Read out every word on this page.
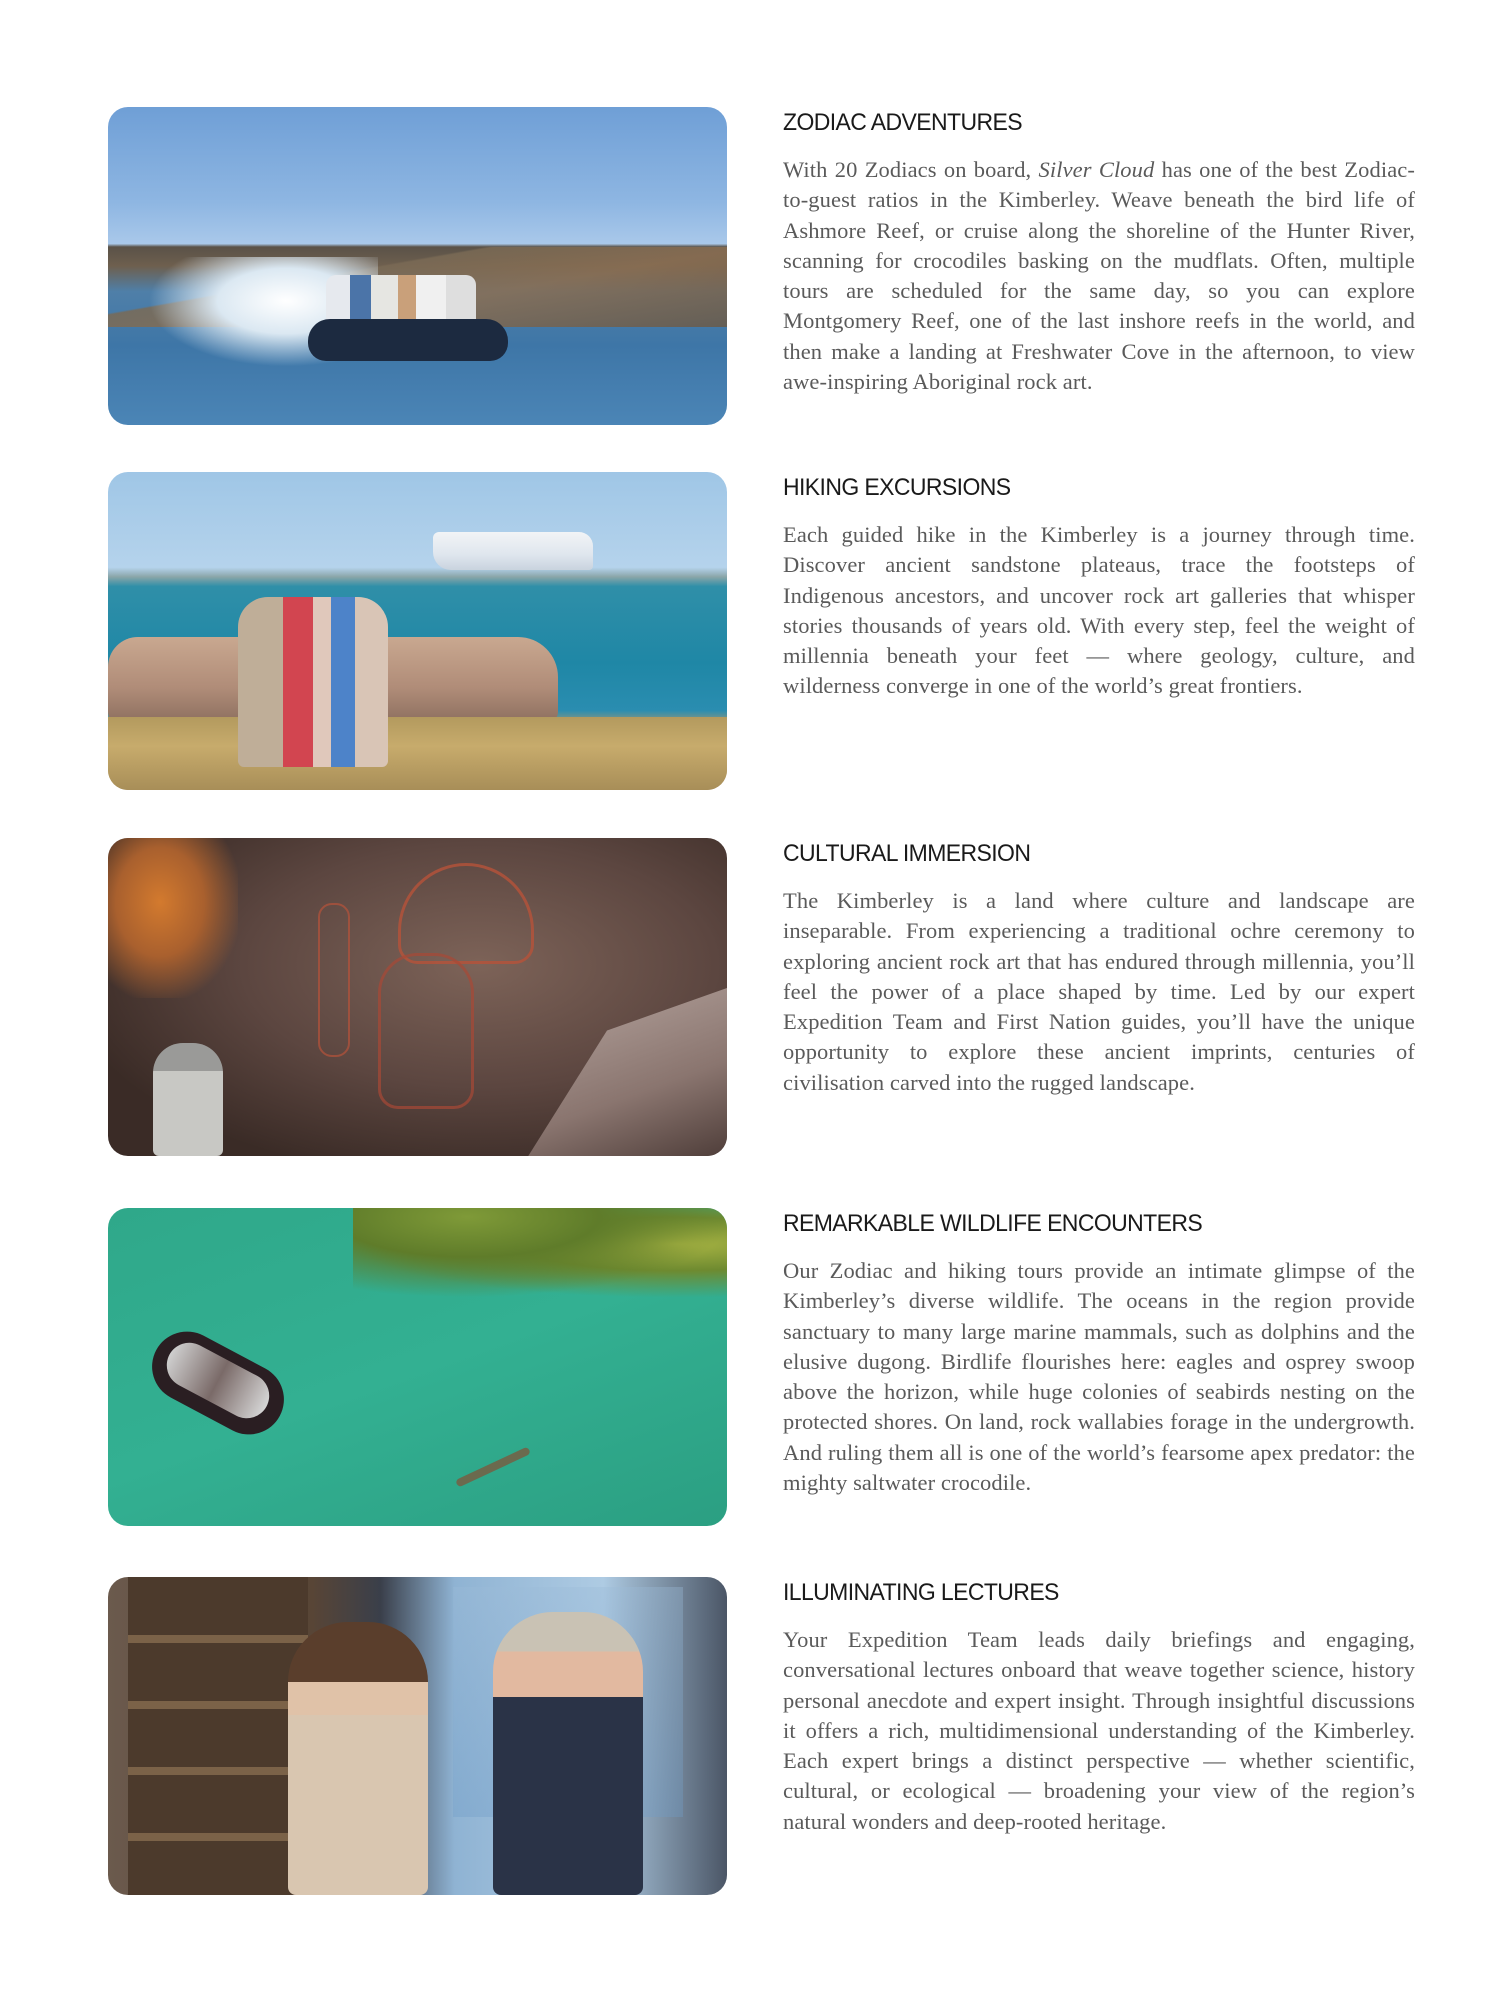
ZODIAC ADVENTURES

With 20 Zodiacs on board, Silver Cloud has one of the best Zodiac-to-guest ratios in the Kimberley. Weave beneath the bird life of Ashmore Reef, or cruise along the shoreline of the Hunter River, scanning for crocodiles basking on the mudflats. Often, multiple tours are scheduled for the same day, so you can explore Montgomery Reef, one of the last inshore reefs in the world, and then make a landing at Freshwater Cove in the afternoon, to view awe-inspiring Aboriginal rock art.

HIKING EXCURSIONS

Each guided hike in the Kimberley is a journey through time. Discover ancient sandstone plateaus, trace the footsteps of Indigenous ancestors, and uncover rock art galleries that whisper stories thousands of years old. With every step, feel the weight of millennia beneath your feet — where geology, culture, and wilderness converge in one of the world’s great frontiers.

CULTURAL IMMERSION

The Kimberley is a land where culture and landscape are inseparable. From experiencing a traditional ochre ceremony to exploring ancient rock art that has endured through millennia, you’ll feel the power of a place shaped by time. Led by our expert Expedition Team and First Nation guides, you’ll have the unique opportunity to explore these ancient imprints, centuries of civilisation carved into the rugged landscape.

REMARKABLE WILDLIFE ENCOUNTERS

Our Zodiac and hiking tours provide an intimate glimpse of the Kimberley’s diverse wildlife. The oceans in the region provide sanctuary to many large marine mammals, such as dolphins and the elusive dugong. Birdlife flourishes here: eagles and osprey swoop above the horizon, while huge colonies of seabirds nesting on the protected shores. On land, rock wallabies forage in the undergrowth. And ruling them all is one of the world’s fearsome apex predator: the mighty saltwater crocodile.

ILLUMINATING LECTURES

Your Expedition Team leads daily briefings and engaging, conversational lectures onboard that weave together science, history personal anecdote and expert insight. Through insightful discussions it offers a rich, multidimensional understanding of the Kimberley. Each expert brings a distinct perspective — whether scientific, cultural, or ecological — broadening your view of the region’s natural wonders and deep-rooted heritage.
